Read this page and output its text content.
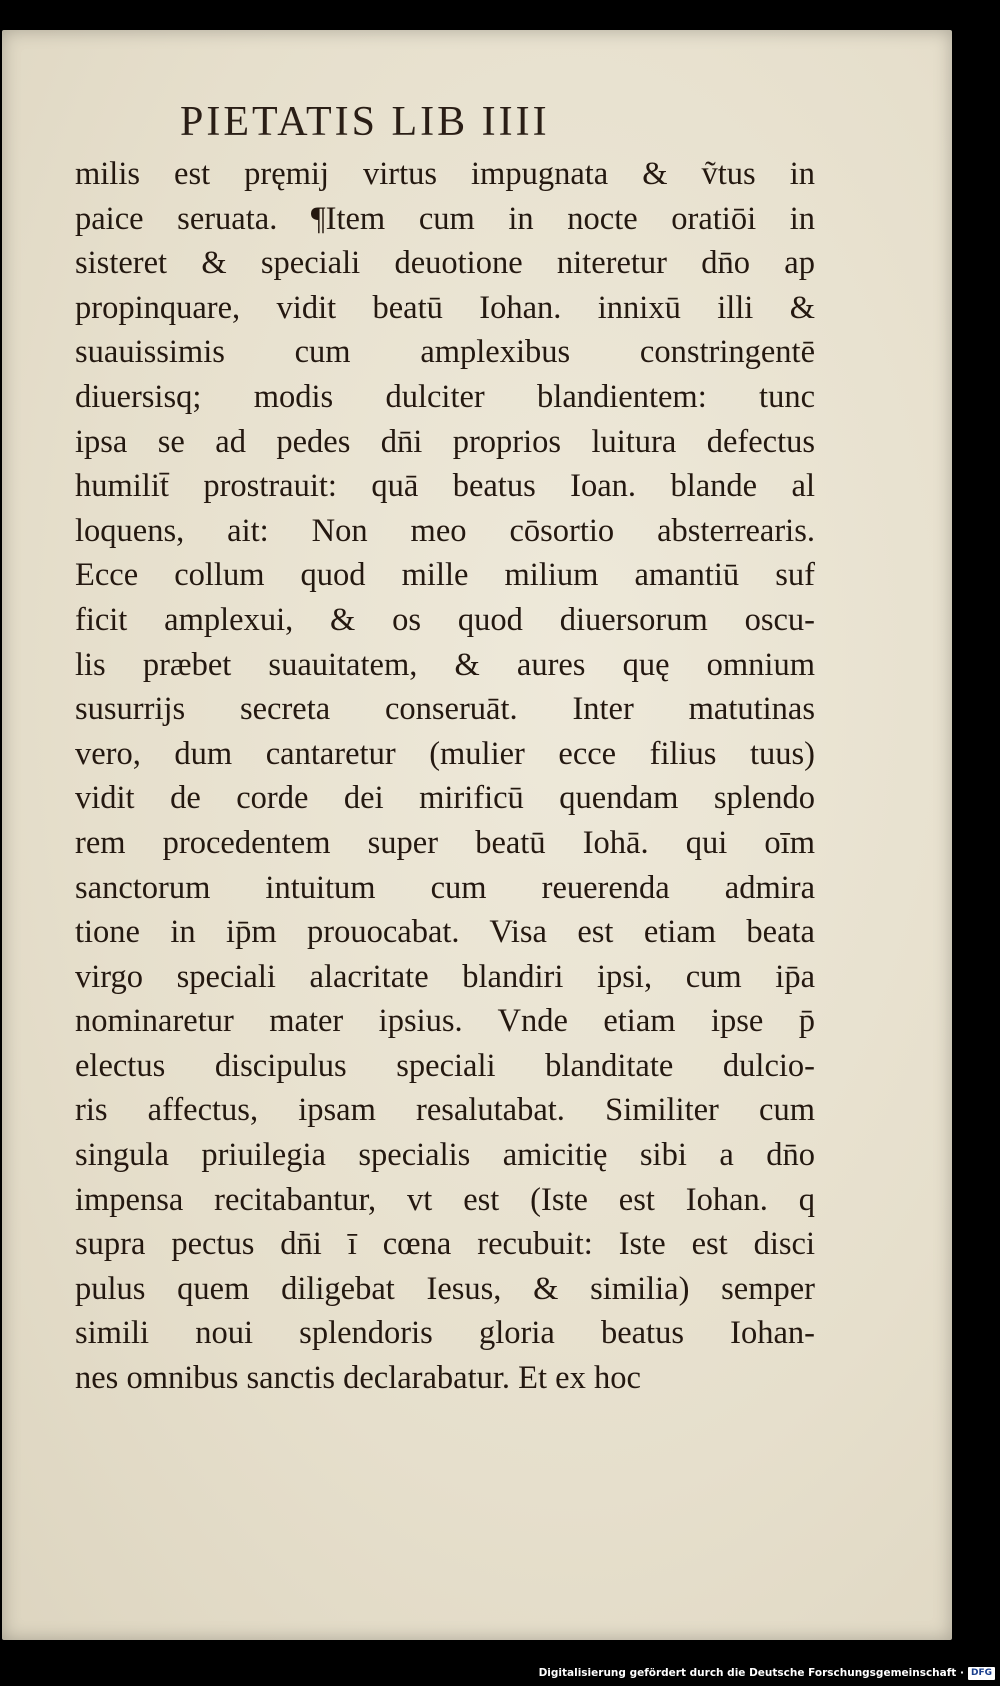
PIETATIS LIB IIII
milis est pręmij virtus impugnata & ṽtus in
paice seruata. ¶Item cum in nocte oratiōi in
sisteret & speciali deuotione niteretur dn̄o ap
propinquare, vidit beatū Iohan. innixū illi &
suauissimis cum amplexibus constringentē
diuersisq; modis dulciter blandientem: tunc
ipsa se ad pedes dn̄i proprios luitura defectus
humilit̄ prostrauit: quā beatus Ioan. blande al
loquens, ait: Non meo cōsortio absterrearis.
Ecce collum quod mille milium amantiū suf
ficit amplexui, & os quod diuersorum oscu-
lis præbet suauitatem, & aures quę omnium
susurrijs secreta conseruāt. Inter matutinas
vero, dum cantaretur (mulier ecce filius tuus)
vidit de corde dei mirificū quendam splendo
rem procedentem super beatū Iohā. qui oīm
sanctorum intuitum cum reuerenda admira
tione in ip̄m prouocabat. Visa est etiam beata
virgo speciali alacritate blandiri ipsi, cum ip̄a
nominaretur mater ipsius. Vnde etiam ipse p̄
electus discipulus speciali blanditate dulcio-
ris affectus, ipsam resalutabat. Similiter cum
singula priuilegia specialis amicitię sibi a dn̄o
impensa recitabantur, vt est (Iste est Iohan. q
supra pectus dn̄i ī cœna recubuit: Iste est disci
pulus quem diligebat Iesus, & similia) semper
simili noui splendoris gloria beatus Iohan-
nes omnibus sanctis declarabatur. Et ex hoc
Digitalisierung gefördert durch die Deutsche Forschungsgemeinschaft · DFG
